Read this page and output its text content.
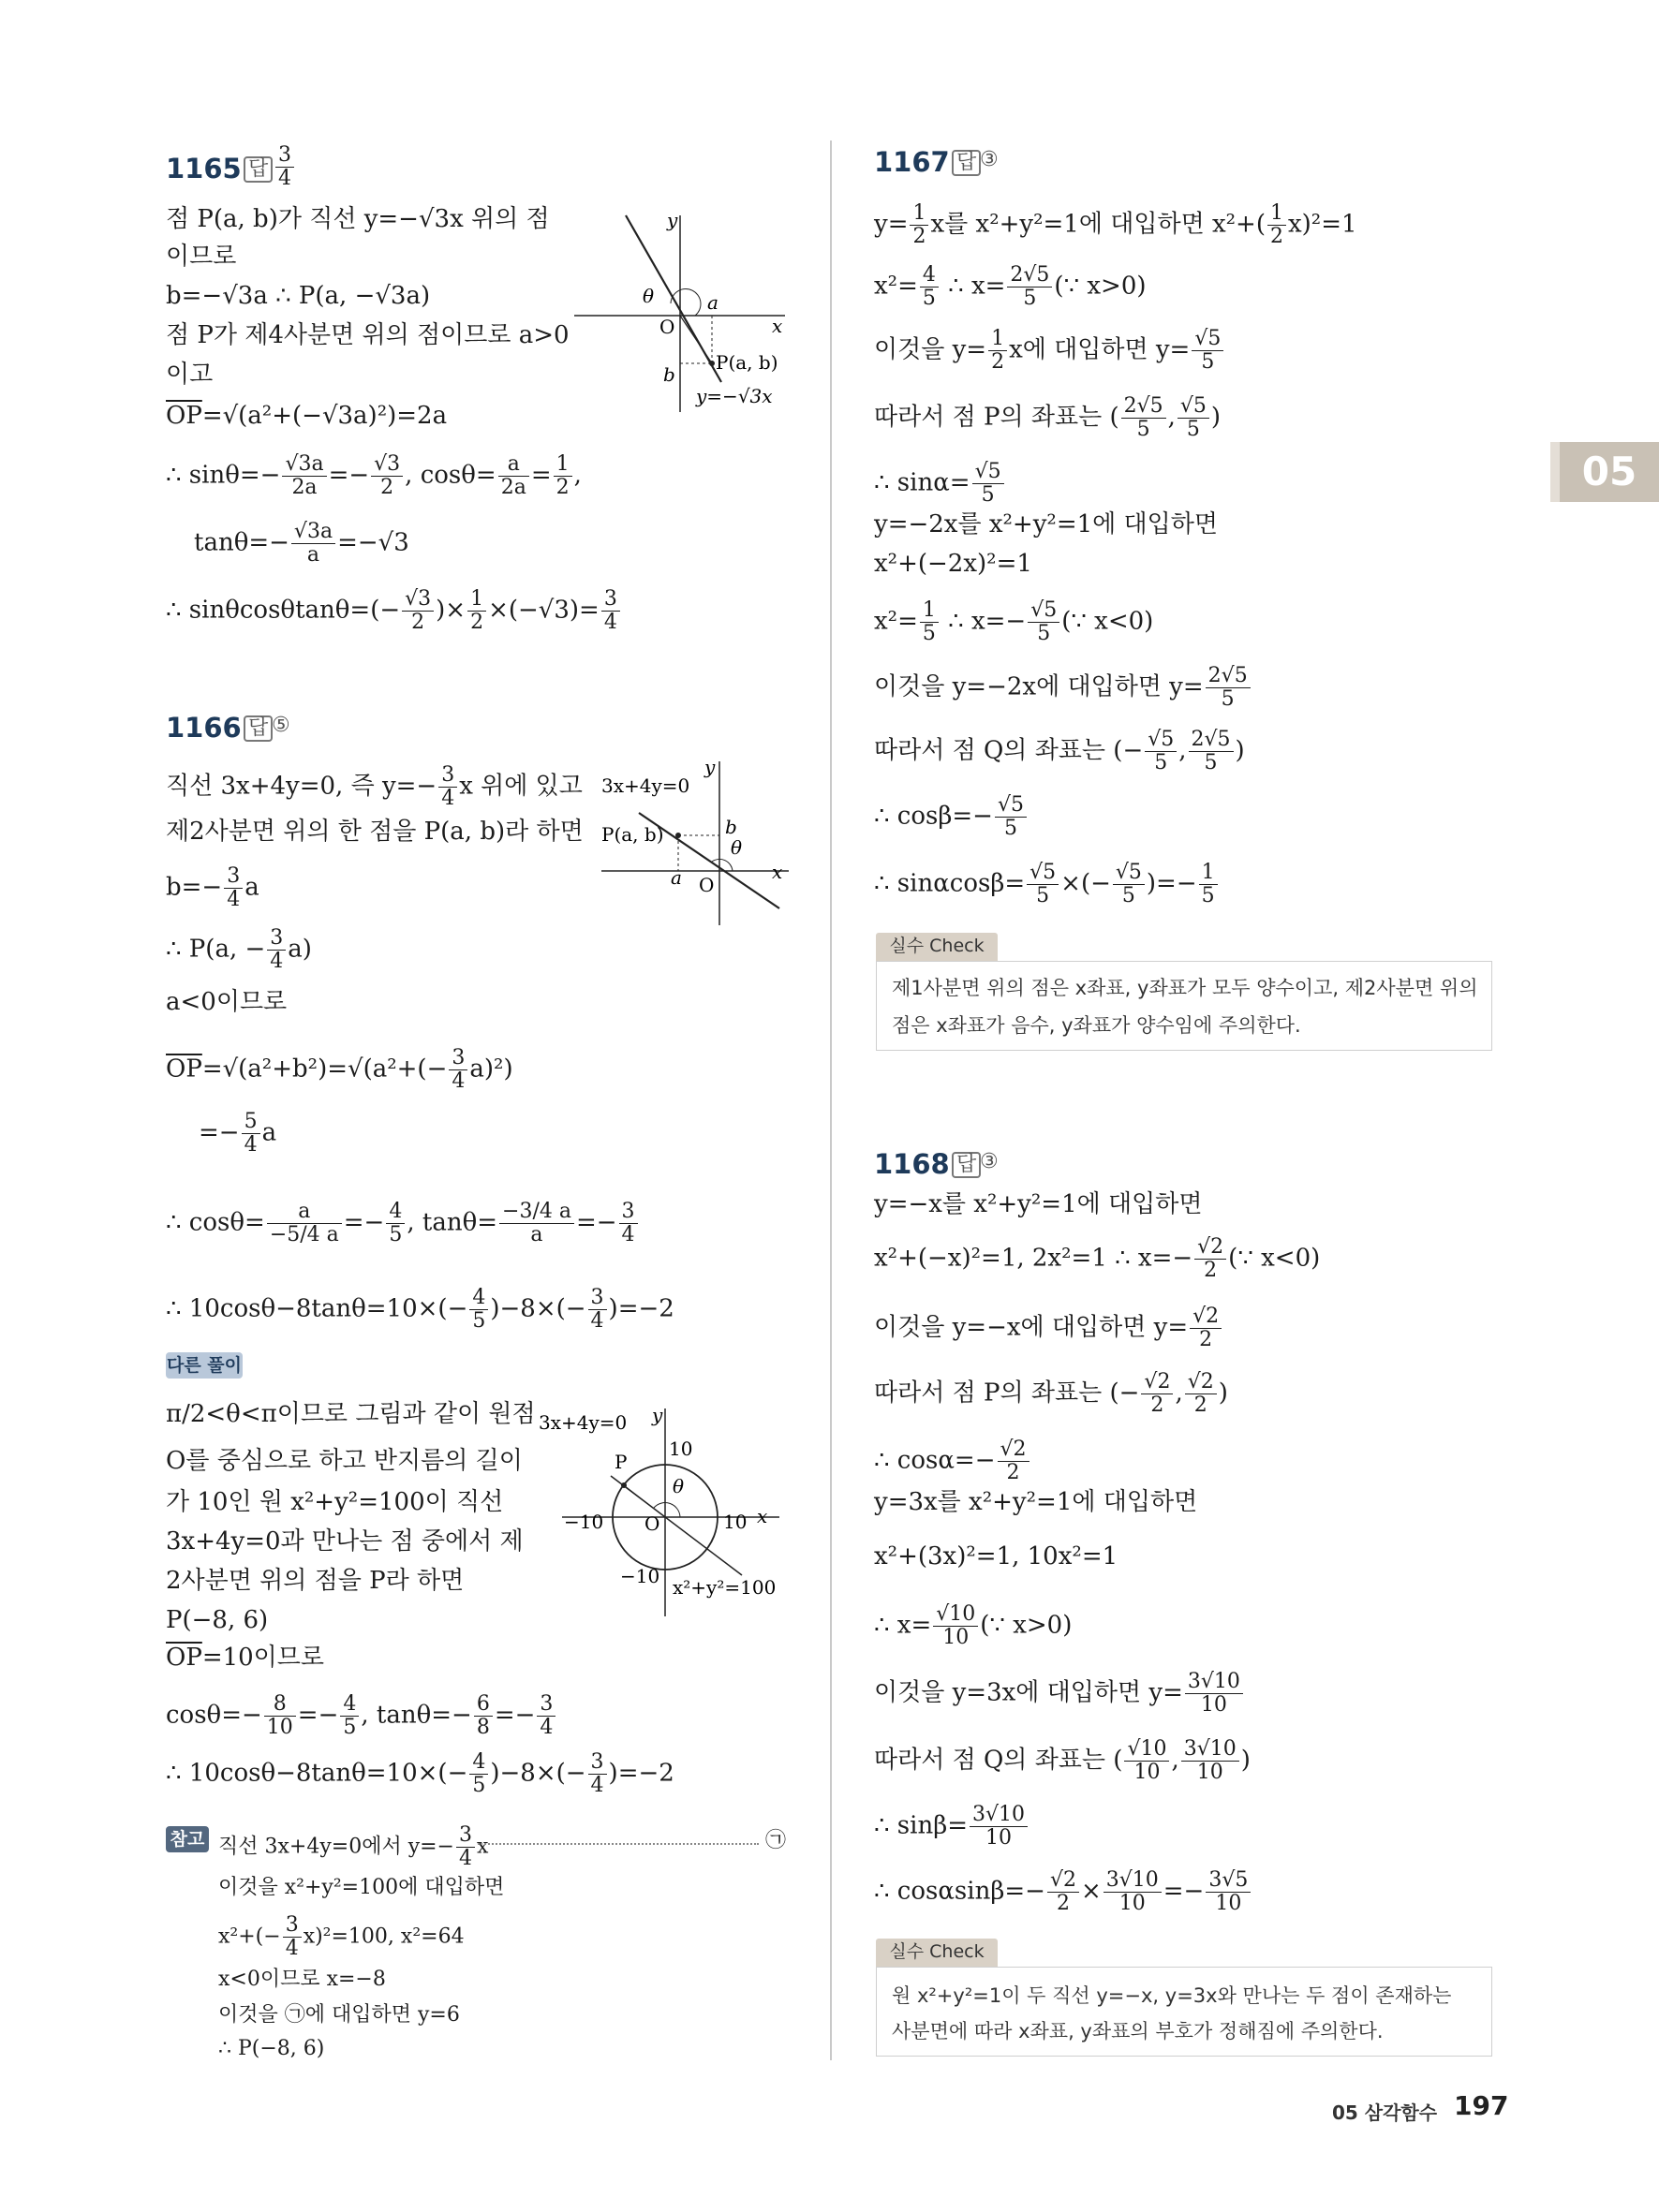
05
1165 답 $\frac{3}{4}$
점 P(a, b)가 직선 y=−√3x 위의 점
이므로
b=−√3a ∴ P(a, −√3a)
점 P가 제4사분면 위의 점이므로 a>0
이고
$\overline{OP}=√(a^2+(-√3a)^2)=2a$
∴ $\sin\theta=- \frac{√3a}{2a} =- \frac{√3}{2}$ , $\cos\theta= \frac{a}{2a} = \frac{1}{2}$ ,
$\tan\theta=- \frac{√3a}{a} =-√3$
∴ $\sin\theta\cos\theta\tan\theta=(- \frac{√3}{2}$ )× $\frac{1}{2} \times(-√3)= \frac{3}{4}$
y
x
O
θ	a
b
P(a, b)
y=−√3x
1166 답 ⑤
직선 3x+4y=0, 즉 $y=- \frac{3}{4}$ x 위에 있고
제2사분면 위의 한 점을 P(a, b)라 하면
$b=- \frac{3}{4}$ a
∴ P(a, − $\frac{3}{4} a$)
a<0이므로
$\overline{OP}=√(a^2+b^2)=√(a^2+(- \frac{3}{4} a)^2)$
=− $\frac{5}{4}$ a
∴ $\cos\theta= \frac{a}{-5/4 a} =- \frac{4}{5}$ , $\tan\theta= \frac{-3/4 a}{a} =- \frac{3}{4}$
∴ $10\cos\theta-8\tan\theta=10\times(- \frac{4}{5} )-8\times(- \frac{3}{4} )=-2$
y
x
O
3x+4y=0
P(a, b)
a
b
θ
다른 풀이
π/2<θ<π이므로 그림과 같이 원점
O를 중심으로 하고 반지름의 길이
가 10인 원 x²+y²=100이 직선
3x+4y=0과 만나는 점 중에서 제
2사분면 위의 점을 P라 하면
P(−8, 6)
$\overline{OP}=10$이므로
$\cos\theta=- \frac{8}{10} =- \frac{4}{5}$ , $\tan\theta=- \frac{6}{8} =- \frac{3}{4}$
∴ $10\cos\theta-8\tan\theta=10\times(- \frac{4}{5} )-8\times(- \frac{3}{4} )=-2$
y
x
O
3x+4y=0
P
θ
10
−10	10
−10 x²+y²=100
참고 직선 3x+4y=0에서 $y=- \frac{3}{4}$ x	㉠
이것을 x²+y²=100에 대입하면
$x^2+(- \frac{3}{4} x)^2=100$, x²=64
x<0이므로 x=−8
이것을 ㉠에 대입하면 y=6
∴ P(−8, 6)
1167 답 ③
$y= \frac{1}{2}$ x를 x²+y²=1에 대입하면 $x^2+( \frac{1}{2} x)^2=1$
$x^2= \frac{4}{5}$ ∴ $x= \frac{2√5}{5}$ (∵ x>0)
이것을 $y= \frac{1}{2}$ x에 대입하면 $y= \frac{√5}{5}$
따라서 점 P의 좌표는 ( $\frac{2√5}{5}$ , $\frac{√5}{5}$ )
∴ $\sin\alpha= \frac{√5}{5}$
y=−2x를 x²+y²=1에 대입하면
x²+(−2x)²=1
$x^2= \frac{1}{5}$ ∴ $x=- \frac{√5}{5}$ (∵ x<0)
이것을 y=−2x에 대입하면 $y= \frac{2√5}{5}$
따라서 점 Q의 좌표는 (− $\frac{√5}{5}$ , $\frac{2√5}{5}$ )
∴ $\cos\beta=- \frac{√5}{5}$
∴ $\sin\alpha\cos\beta= \frac{√5}{5}$ ×(− $\frac{√5}{5}$ )=− $\frac{1}{5}$
실수 Check
제1사분면 위의 점은 x좌표, y좌표가 모두 양수이고, 제2사분면 위의
점은 x좌표가 음수, y좌표가 양수임에 주의한다.
1168 답 ③
y=−x를 x²+y²=1에 대입하면
x²+(−x)²=1, 2x²=1 ∴ $x=- \frac{√2}{2}$ (∵ x<0)
이것을 y=−x에 대입하면 $y= \frac{√2}{2}$
따라서 점 P의 좌표는 (− $\frac{√2}{2}$ , $\frac{√2}{2}$ )
∴ $\cos\alpha=- \frac{√2}{2}$
y=3x를 x²+y²=1에 대입하면
x²+(3x)²=1, 10x²=1
∴ $x= \frac{√10}{10}$ (∵ x>0)
이것을 y=3x에 대입하면 $y= \frac{3√10}{10}$
따라서 점 Q의 좌표는 ( $\frac{√10}{10}$ , $\frac{3√10}{10}$ )
∴ $\sin\beta= \frac{3√10}{10}$
∴ $\cos\alpha\sin\beta=- \frac{√2}{2} \times \frac{3√10}{10} =- \frac{3√5}{10}$
실수 Check
원 x²+y²=1이 두 직선 y=−x, y=3x와 만나는 두 점이 존재하는
사분면에 따라 x좌표, y좌표의 부호가 정해짐에 주의한다.
05 삼각함수 197
